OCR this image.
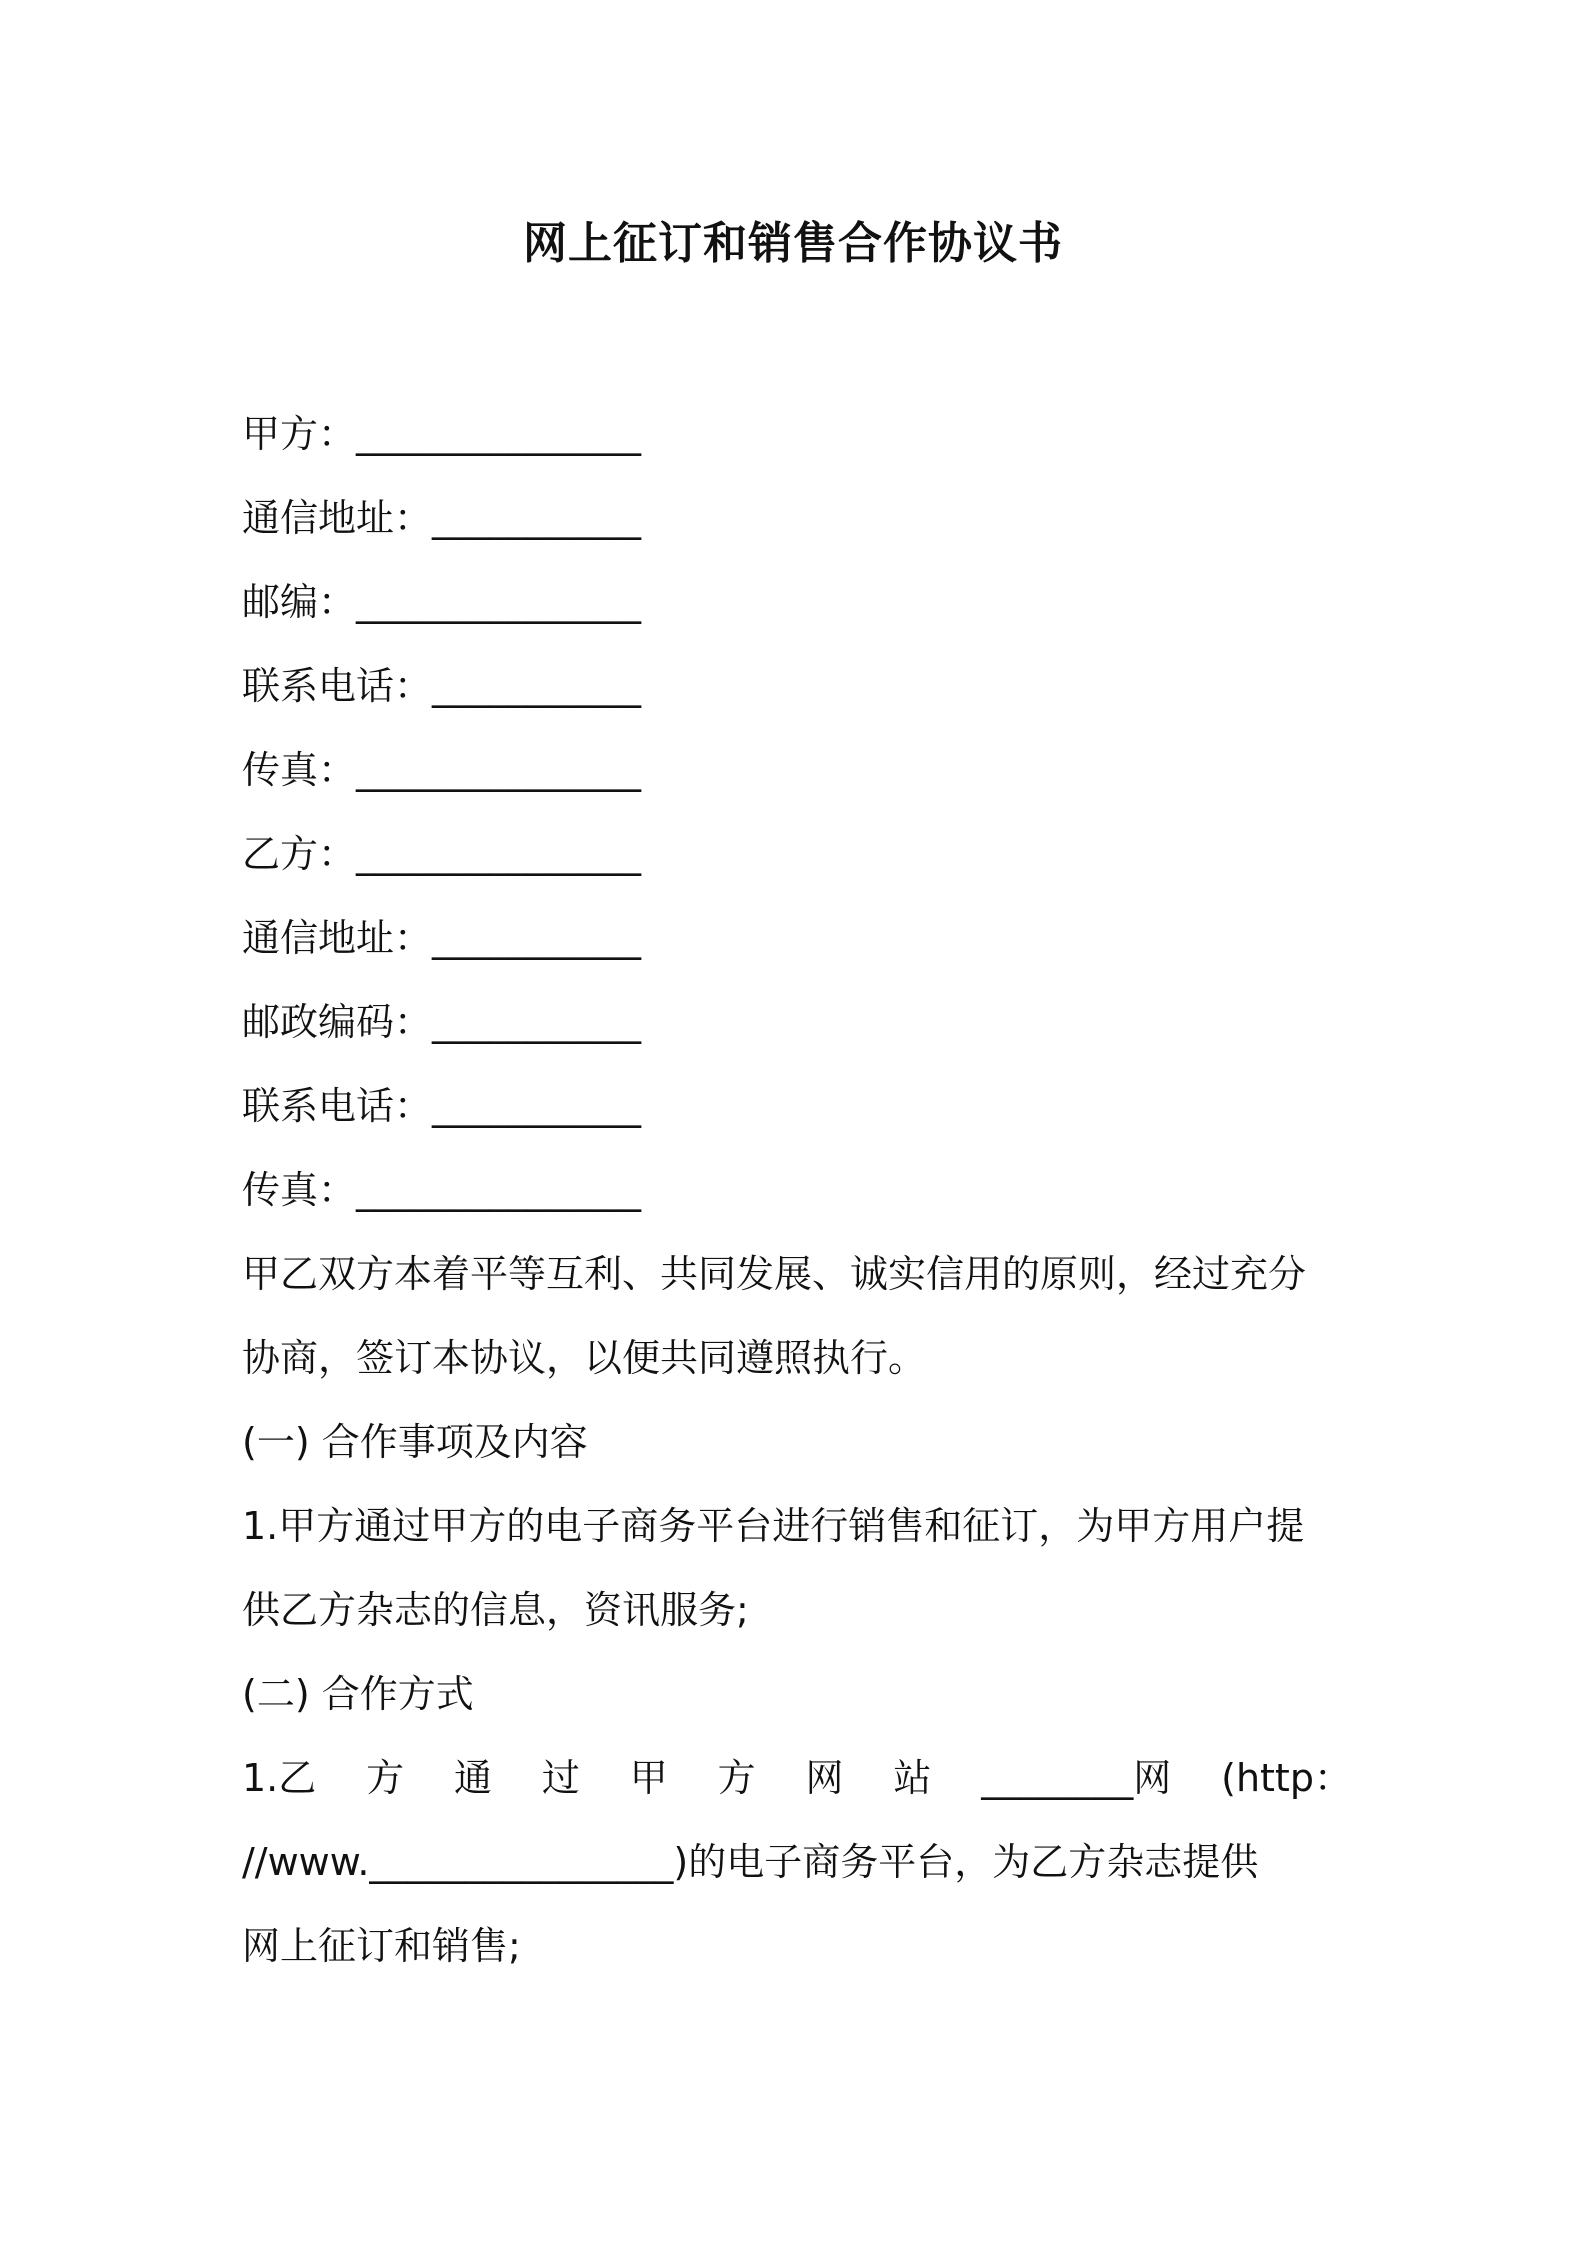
网上征订和销售合作协议书
甲方：_______________
通信地址：___________
邮编：_______________
联系电话：___________
传真：_______________
乙方：_______________
通信地址：___________
邮政编码：___________
联系电话：___________
传真：_______________
甲乙双方本着平等互利、共同发展、诚实信用的原则，经过充分
协商，签订本协议，以便共同遵照执行。
(一) 合作事项及内容
1.甲方通过甲方的电子商务平台进行销售和征订，为甲方用户提
供乙方杂志的信息，资讯服务;
(二) 合作方式
1.乙 方 通 过 甲 方 网 站 ________网 (http：
//www.________________)的电子商务平台，为乙方杂志提供
网上征订和销售;
